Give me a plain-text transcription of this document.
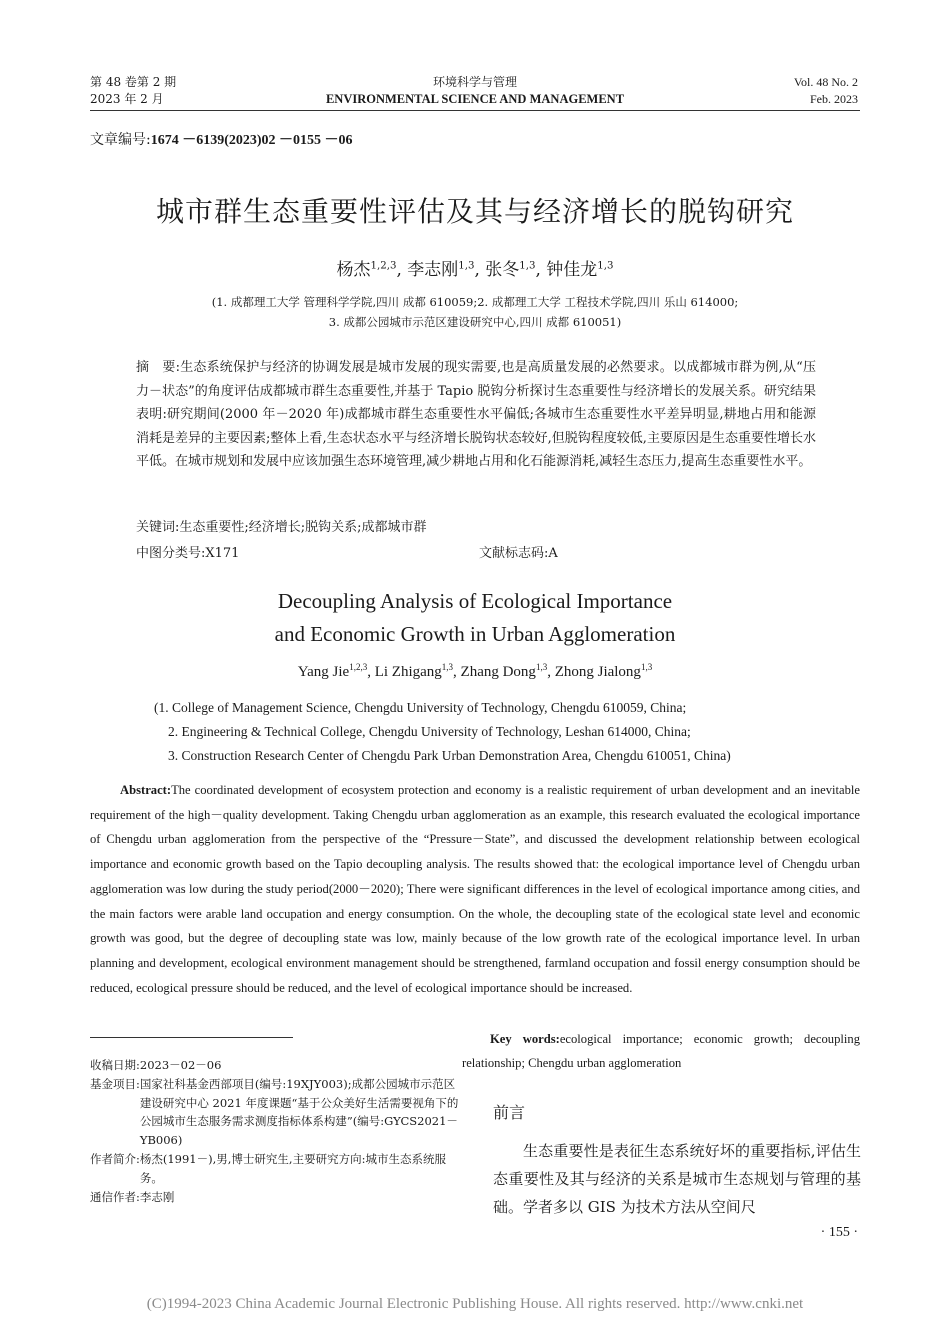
第 48 卷第 2 期
2023 年 2 月
环境科学与管理
ENVIRONMENTAL SCIENCE AND MANAGEMENT
Vol. 48 No. 2
Feb. 2023
文章编号:1674 －6139(2023)02 －0155 －06
城市群生态重要性评估及其与经济增长的脱钩研究
杨杰$^{1,2,3}$, 李志刚$^{1,3}$, 张冬$^{1,3}$, 钟佳龙$^{1,3}$
(1. 成都理工大学 管理科学学院,四川 成都 610059;2. 成都理工大学 工程技术学院,四川 乐山 614000;
3. 成都公园城市示范区建设研究中心,四川 成都 610051)
摘　要:生态系统保护与经济的协调发展是城市发展的现实需要,也是高质量发展的必然要求。以成都城市群为例,从“压力－状态”的角度评估成都城市群生态重要性,并基于 Tapio 脱钩分析探讨生态重要性与经济增长的发展关系。研究结果表明:研究期间(2000 年－2020 年)成都城市群生态重要性水平偏低;各城市生态重要性水平差异明显,耕地占用和能源消耗是差异的主要因素;整体上看,生态状态水平与经济增长脱钩状态较好,但脱钩程度较低,主要原因是生态重要性增长水平低。在城市规划和发展中应该加强生态环境管理,减少耕地占用和化石能源消耗,减轻生态压力,提高生态重要性水平。
关键词:生态重要性;经济增长;脱钩关系;成都城市群
中图分类号:X171	文献标志码:A
Decoupling Analysis of Ecological Importance
and Economic Growth in Urban Agglomeration
Yang Jie$^{1,2,3}$, Li Zhigang$^{1,3}$, Zhang Dong$^{1,3}$, Zhong Jialong$^{1,3}$
(1. College of Management Science, Chengdu University of Technology, Chengdu 610059, China;
2. Engineering & Technical College, Chengdu University of Technology, Leshan 614000, China;
3. Construction Research Center of Chengdu Park Urban Demonstration Area, Chengdu 610051, China)
Abstract:The coordinated development of ecosystem protection and economy is a realistic requirement of urban development and an inevitable requirement of the high－quality development. Taking Chengdu urban agglomeration as an example, this research evaluated the ecological importance of Chengdu urban agglomeration from the perspective of the “Pressure－State”, and discussed the development relationship between ecological importance and economic growth based on the Tapio decoupling analysis. The results showed that: the ecological importance level of Chengdu urban agglomeration was low during the study period(2000－2020); There were significant differences in the level of ecological importance among cities, and the main factors were arable land occupation and energy consumption. On the whole, the decoupling state of the ecological state level and economic growth was good, but the degree of decoupling state was low, mainly because of the low growth rate of the ecological importance level. In urban planning and development, ecological environment management should be strengthened, farmland occupation and fossil energy consumption should be reduced, ecological pressure should be reduced, and the level of ecological importance should be increased.
Key words:ecological importance; economic growth; decoupling relationship; Chengdu urban agglomeration
收稿日期: 2023－02－06
基金项目: 国家社科基金西部项目(编号:19XJY003);成都公园城市示范区建设研究中心 2021 年度课题“基于公众美好生活需要视角下的公园城市生态服务需求测度指标体系构建”(编号:GYCS2021－YB006)
作者简介: 杨杰(1991－),男,博士研究生,主要研究方向:城市生态系统服务。
通信作者: 李志刚
前言

生态重要性是表征生态系统好坏的重要指标,评估生态重要性及其与经济的关系是城市生态规划与管理的基础。学者多以 GIS 为技术方法从空间尺

· 155 ·
(C)1994-2023 China Academic Journal Electronic Publishing House. All rights reserved. http://www.cnki.net
